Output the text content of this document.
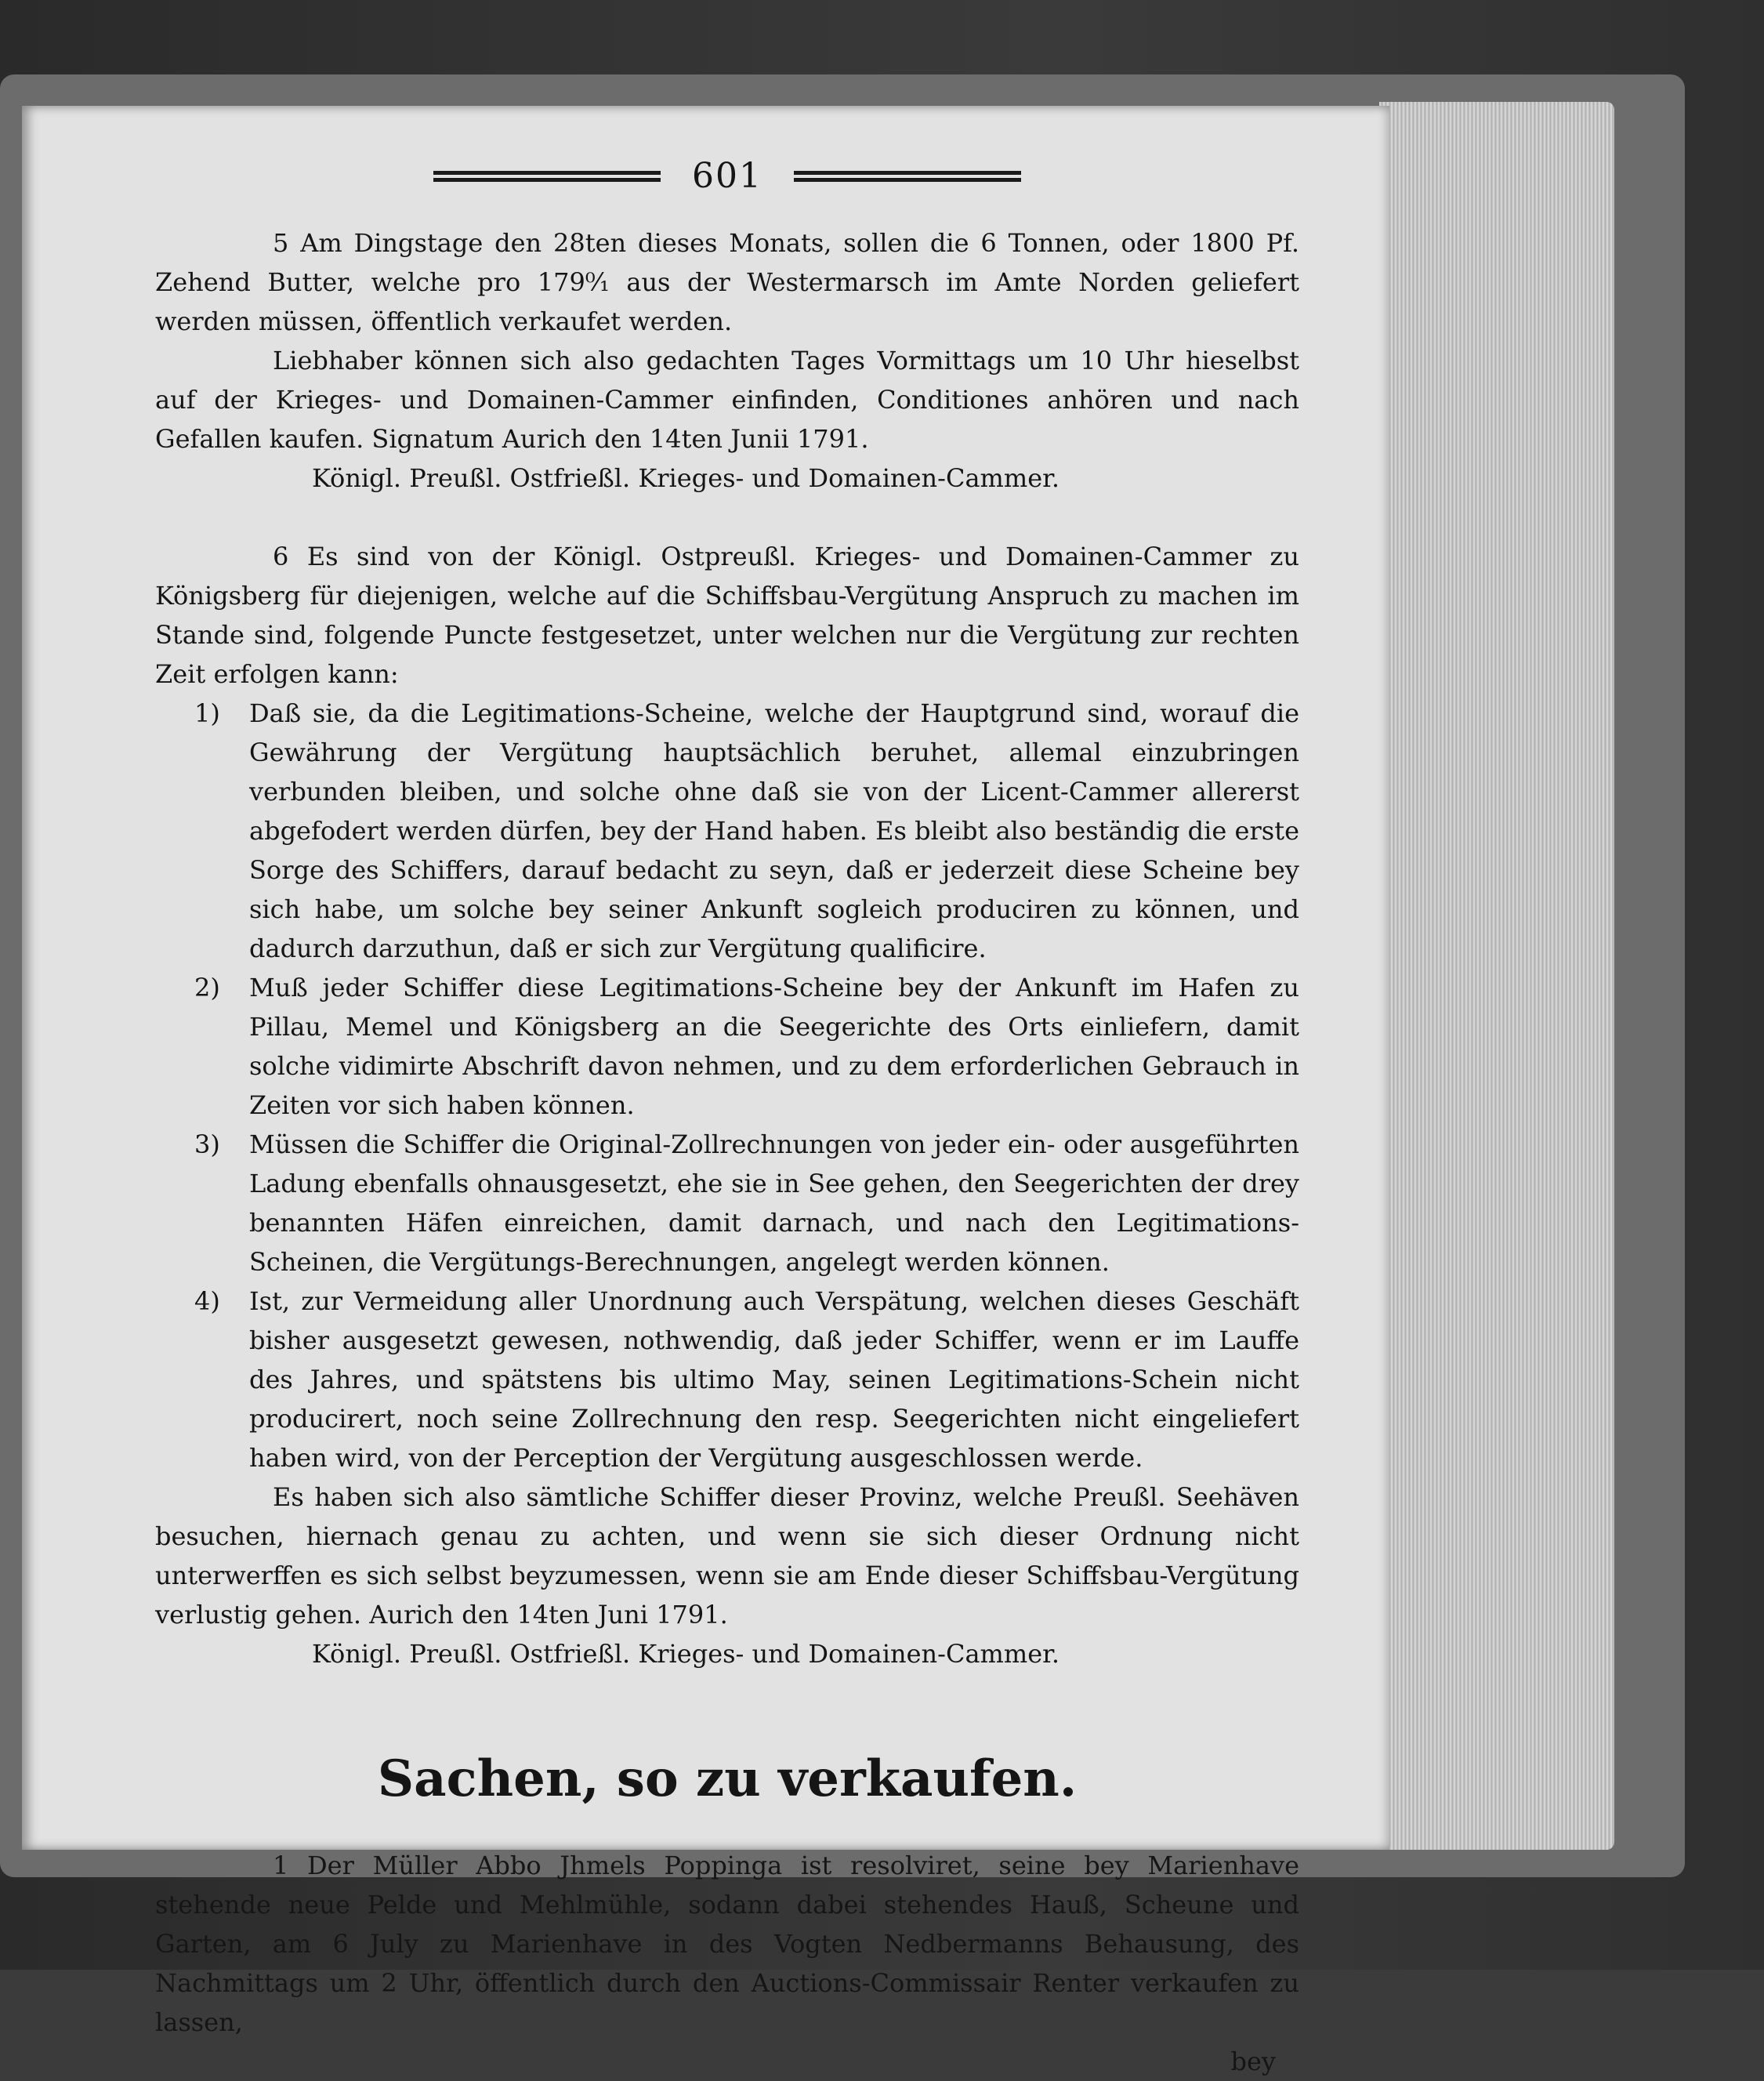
601

5 Am Dingstage den 28ten dieses Monats, sollen die 6 Tonnen, oder 1800 Pf. Zehend Butter, welche pro 179⁰⁄₁ aus der Westermarsch im Amte Norden geliefert werden müssen, öffentlich verkaufet werden.

Liebhaber können sich also gedachten Tages Vormittags um 10 Uhr hieselbst auf der Krieges- und Domainen-Cammer einfinden, Conditiones anhören und nach Gefallen kaufen. Signatum Aurich den 14ten Junii 1791.

Königl. Preußl. Ostfrießl. Krieges- und Domainen-Cammer.

6 Es sind von der Königl. Ostpreußl. Krieges- und Domainen-Cammer zu Königsberg für diejenigen, welche auf die Schiffsbau-Vergütung Anspruch zu machen im Stande sind, folgende Puncte festgesetzet, unter welchen nur die Vergütung zur rechten Zeit erfolgen kann:

1)	Daß sie, da die Legitimations-Scheine, welche der Hauptgrund sind, worauf die Gewährung der Vergütung hauptsächlich beruhet, allemal einzubringen verbunden bleiben, und solche ohne daß sie von der Licent-Cammer allererst abgefodert werden dürfen, bey der Hand haben. Es bleibt also beständig die erste Sorge des Schiffers, darauf bedacht zu seyn, daß er jederzeit diese Scheine bey sich habe, um solche bey seiner Ankunft sogleich produciren zu können, und dadurch darzuthun, daß er sich zur Vergütung qualificire.
2)	Muß jeder Schiffer diese Legitimations-Scheine bey der Ankunft im Hafen zu Pillau, Memel und Königsberg an die Seegerichte des Orts einliefern, damit solche vidimirte Abschrift davon nehmen, und zu dem erforderlichen Gebrauch in Zeiten vor sich haben können.
3)	Müssen die Schiffer die Original-Zollrechnungen von jeder ein- oder ausgeführten Ladung ebenfalls ohnausgesetzt, ehe sie in See gehen, den Seegerichten der drey benannten Häfen einreichen, damit darnach, und nach den Legitimations-Scheinen, die Vergütungs-Berechnungen, angelegt werden können.
4)	Ist, zur Vermeidung aller Unordnung auch Verspätung, welchen dieses Geschäft bisher ausgesetzt gewesen, nothwendig, daß jeder Schiffer, wenn er im Lauffe des Jahres, und spätstens bis ultimo May, seinen Legitimations-Schein nicht producirert, noch seine Zollrechnung den resp. Seegerichten nicht eingeliefert haben wird, von der Perception der Vergütung ausgeschlossen werde.

Es haben sich also sämtliche Schiffer dieser Provinz, welche Preußl. Seehäven besuchen, hiernach genau zu achten, und wenn sie sich dieser Ordnung nicht unterwerffen es sich selbst beyzumessen, wenn sie am Ende dieser Schiffsbau-Vergütung verlustig gehen. Aurich den 14ten Juni 1791.

Königl. Preußl. Ostfrießl. Krieges- und Domainen-Cammer.

Sachen, so zu verkaufen.

1 Der Müller Abbo Jhmels Poppinga ist resolviret, seine bey Marienhave stehende neue Pelde und Mehlmühle, sodann dabei stehendes Hauß, Scheune und Garten, am 6 July zu Marienhave in des Vogten Nedbermanns Behausung, des Nachmittags um 2 Uhr, öffentlich durch den Auctions-Commissair Renter verkaufen zu lassen,

bey
